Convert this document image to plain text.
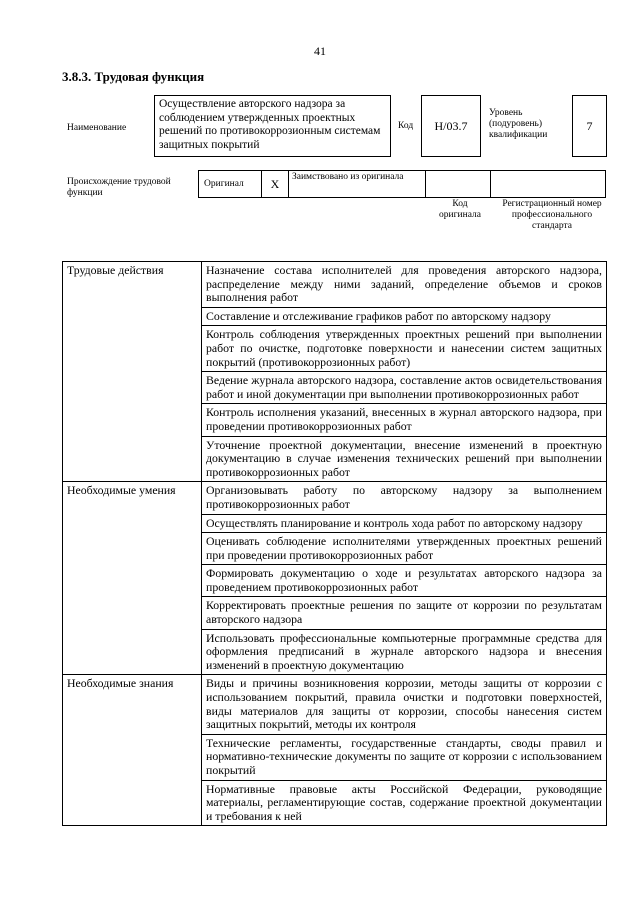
41
3.8.3. Трудовая функция
Наименование
Осуществление авторского надзора за соблюдением утвержденных проектных решений по противокоррозионным системам защитных покрытий
Код Н/03.7
Уровень (подуровень) квалификации
7
Происхождение трудовой функции
Оригинал X	Заимствовано из оригинала
Код оригинала
Регистрационный номер профессионального стандарта
Трудовые действия	Назначение состава исполнителей для проведения авторского надзора, распределение между ними заданий, определение объемов и сроков выполнения работ
	Составление и отслеживание графиков работ по авторскому надзору
	Контроль соблюдения утвержденных проектных решений при выполнении работ по очистке, подготовке поверхности и нанесении систем защитных покрытий (противокоррозионных работ)
	Ведение журнала авторского надзора, составление актов освидетельствования работ и иной документации при выполнении противокоррозионных работ
	Контроль исполнения указаний, внесенных в журнал авторского надзора, при проведении противокоррозионных работ
	Уточнение проектной документации, внесение изменений в проектную документацию в случае изменения технических решений при выполнении противокоррозионных работ
Необходимые умения	Организовывать работу по авторскому надзору за выполнением противокоррозионных работ
	Осуществлять планирование и контроль хода работ по авторскому надзору
	Оценивать соблюдение исполнителями утвержденных проектных решений при проведении противокоррозионных работ
	Формировать документацию о ходе и результатах авторского надзора за проведением противокоррозионных работ
	Корректировать проектные решения по защите от коррозии по результатам авторского надзора
	Использовать профессиональные компьютерные программные средства для оформления предписаний в журнале авторского надзора и внесения изменений в проектную документацию
Необходимые знания	Виды и причины возникновения коррозии, методы защиты от коррозии с использованием покрытий, правила очистки и подготовки поверхностей, виды материалов для защиты от коррозии, способы нанесения систем защитных покрытий, методы их контроля
	Технические регламенты, государственные стандарты, своды правил и нормативно-технические документы по защите от коррозии с использованием покрытий
	Нормативные правовые акты Российской Федерации, руководящие материалы, регламентирующие состав, содержание проектной документации и требования к ней
